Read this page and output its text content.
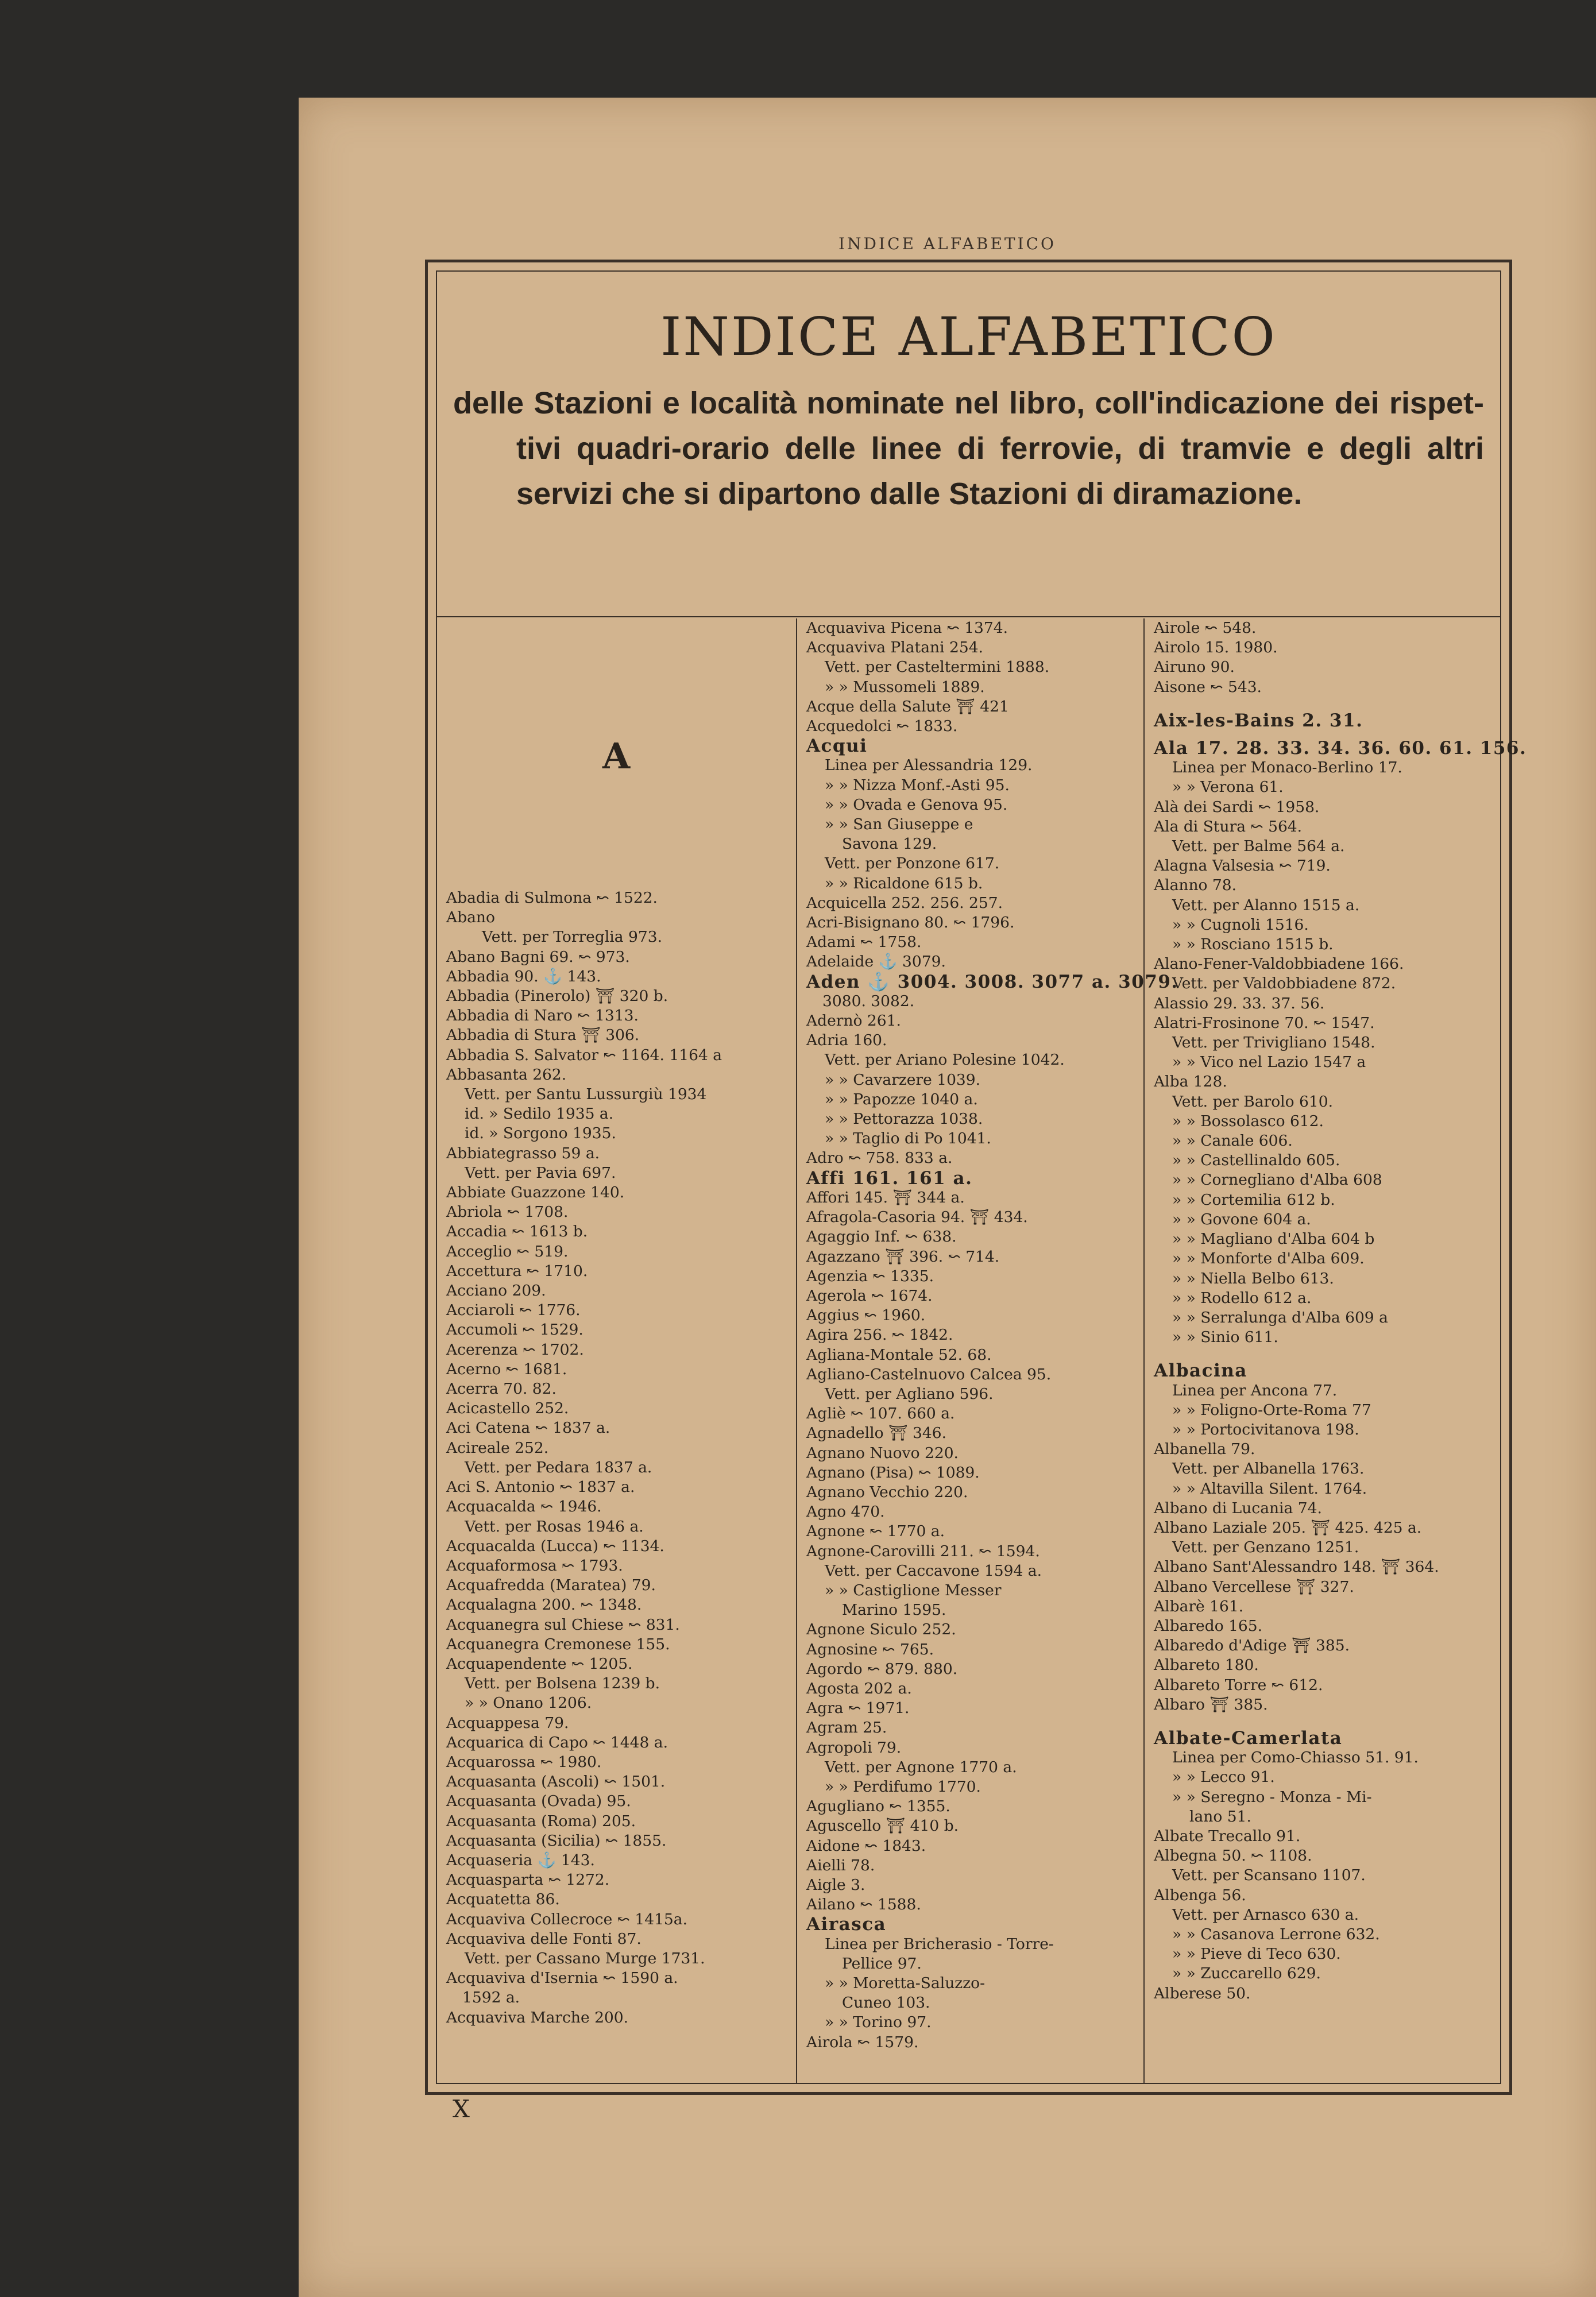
INDICE ALFABETICO
INDICE ALFABETICO
delle Stazioni e località nominate nel libro, coll'indicazione dei rispet-
tivi quadri-orario delle linee di ferrovie, di tramvie e degli altri
servizi che si dipartono dalle Stazioni di diramazione.
A
Abadia di Sulmona ↜ 1522.
Abano
Vett. per Torreglia 973.
Abano Bagni 69. ↜ 973.
Abbadia 90. ⚓ 143.
Abbadia (Pinerolo) ⛩ 320 b.
Abbadia di Naro ↜ 1313.
Abbadia di Stura ⛩ 306.
Abbadia S. Salvator ↜ 1164. 1164 a
Abbasanta 262.
Vett. per Santu Lussurgiù 1934
id. » Sedilo 1935 a.
id. » Sorgono 1935.
Abbiategrasso 59 a.
Vett. per Pavia 697.
Abbiate Guazzone 140.
Abriola ↜ 1708.
Accadia ↜ 1613 b.
Acceglio ↜ 519.
Accettura ↜ 1710.
Acciano 209.
Acciaroli ↜ 1776.
Accumoli ↜ 1529.
Acerenza ↜ 1702.
Acerno ↜ 1681.
Acerra 70. 82.
Acicastello 252.
Aci Catena ↜ 1837 a.
Acireale 252.
Vett. per Pedara 1837 a.
Aci S. Antonio ↜ 1837 a.
Acquacalda ↜ 1946.
Vett. per Rosas 1946 a.
Acquacalda (Lucca) ↜ 1134.
Acquaformosa ↜ 1793.
Acquafredda (Maratea) 79.
Acqualagna 200. ↜ 1348.
Acquanegra sul Chiese ↜ 831.
Acquanegra Cremonese 155.
Acquapendente ↜ 1205.
Vett. per Bolsena 1239 b.
» » Onano 1206.
Acquappesa 79.
Acquarica di Capo ↜ 1448 a.
Acquarossa ↜ 1980.
Acquasanta (Ascoli) ↜ 1501.
Acquasanta (Ovada) 95.
Acquasanta (Roma) 205.
Acquasanta (Sicilia) ↜ 1855.
Acquaseria ⚓ 143.
Acquasparta ↜ 1272.
Acquatetta 86.
Acquaviva Collecroce ↜ 1415a.
Acquaviva delle Fonti 87.
Vett. per Cassano Murge 1731.
Acquaviva d'Isernia ↜ 1590 a.
1592 a.
Acquaviva Marche 200.
Acquaviva Picena ↜ 1374.
Acquaviva Platani 254.
Vett. per Casteltermini 1888.
» » Mussomeli 1889.
Acque della Salute ⛩ 421
Acquedolci ↜ 1833.
Acqui
Linea per Alessandria 129.
» » Nizza Monf.-Asti 95.
» » Ovada e Genova 95.
» » San Giuseppe e
Savona 129.
Vett. per Ponzone 617.
» » Ricaldone 615 b.
Acquicella 252. 256. 257.
Acri-Bisignano 80. ↜ 1796.
Adami ↜ 1758.
Adelaide ⚓ 3079.
Aden ⚓ 3004. 3008. 3077 a. 3079.
3080. 3082.
Adernò 261.
Adria 160.
Vett. per Ariano Polesine 1042.
» » Cavarzere 1039.
» » Papozze 1040 a.
» » Pettorazza 1038.
» » Taglio di Po 1041.
Adro ↜ 758. 833 a.
Affi 161. 161 a.
Affori 145. ⛩ 344 a.
Afragola-Casoria 94. ⛩ 434.
Agaggio Inf. ↜ 638.
Agazzano ⛩ 396. ↜ 714.
Agenzia ↜ 1335.
Agerola ↜ 1674.
Aggius ↜ 1960.
Agira 256. ↜ 1842.
Agliana-Montale 52. 68.
Agliano-Castelnuovo Calcea 95.
Vett. per Agliano 596.
Agliè ↜ 107. 660 a.
Agnadello ⛩ 346.
Agnano Nuovo 220.
Agnano (Pisa) ↜ 1089.
Agnano Vecchio 220.
Agno 470.
Agnone ↜ 1770 a.
Agnone-Carovilli 211. ↜ 1594.
Vett. per Caccavone 1594 a.
» » Castiglione Messer
Marino 1595.
Agnone Siculo 252.
Agnosine ↜ 765.
Agordo ↜ 879. 880.
Agosta 202 a.
Agra ↜ 1971.
Agram 25.
Agropoli 79.
Vett. per Agnone 1770 a.
» » Perdifumo 1770.
Agugliano ↜ 1355.
Aguscello ⛩ 410 b.
Aidone ↜ 1843.
Aielli 78.
Aigle 3.
Ailano ↜ 1588.
Airasca
Linea per Bricherasio - Torre-
Pellice 97.
» » Moretta-Saluzzo-
Cuneo 103.
» » Torino 97.
Airola ↜ 1579.
Airole ↜ 548.
Airolo 15. 1980.
Airuno 90.
Aisone ↜ 543.
Aix-les-Bains 2. 31.
Ala 17. 28. 33. 34. 36. 60. 61. 156.
Linea per Monaco-Berlino 17.
» » Verona 61.
Alà dei Sardi ↜ 1958.
Ala di Stura ↜ 564.
Vett. per Balme 564 a.
Alagna Valsesia ↜ 719.
Alanno 78.
Vett. per Alanno 1515 a.
» » Cugnoli 1516.
» » Rosciano 1515 b.
Alano-Fener-Valdobbiadene 166.
Vett. per Valdobbiadene 872.
Alassio 29. 33. 37. 56.
Alatri-Frosinone 70. ↜ 1547.
Vett. per Trivigliano 1548.
» » Vico nel Lazio 1547 a
Alba 128.
Vett. per Barolo 610.
» » Bossolasco 612.
» » Canale 606.
» » Castellinaldo 605.
» » Cornegliano d'Alba 608
» » Cortemilia 612 b.
» » Govone 604 a.
» » Magliano d'Alba 604 b
» » Monforte d'Alba 609.
» » Niella Belbo 613.
» » Rodello 612 a.
» » Serralunga d'Alba 609 a
» » Sinio 611.
Albacina
Linea per Ancona 77.
» » Foligno-Orte-Roma 77
» » Portocivitanova 198.
Albanella 79.
Vett. per Albanella 1763.
» » Altavilla Silent. 1764.
Albano di Lucania 74.
Albano Laziale 205. ⛩ 425. 425 a.
Vett. per Genzano 1251.
Albano Sant'Alessandro 148. ⛩ 364.
Albano Vercellese ⛩ 327.
Albarè 161.
Albaredo 165.
Albaredo d'Adige ⛩ 385.
Albareto 180.
Albareto Torre ↜ 612.
Albaro ⛩ 385.
Albate-Camerlata
Linea per Como-Chiasso 51. 91.
» » Lecco 91.
» » Seregno - Monza - Mi-
lano 51.
Albate Trecallo 91.
Albegna 50. ↜ 1108.
Vett. per Scansano 1107.
Albenga 56.
Vett. per Arnasco 630 a.
» » Casanova Lerrone 632.
» » Pieve di Teco 630.
» » Zuccarello 629.
Alberese 50.
X
